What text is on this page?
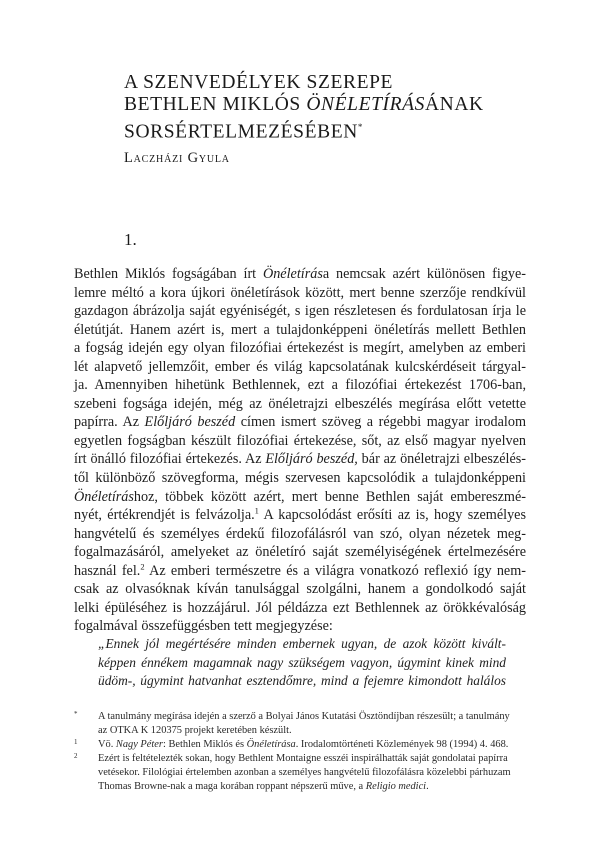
A SZENVEDÉLYEK SZEREPE
BETHLEN MIKLÓS ÖNÉLETÍRÁSÁNAK
SORSÉRTELMEZÉSÉBEN*
Laczházi Gyula
1.
Bethlen Miklós fogságában írt Önéletírása nemcsak azért különösen figye-
lemre méltó a kora újkori önéletírások között, mert benne szerzője rendkívül
gazdagon ábrázolja saját egyéniségét, s igen részletesen és fordulatosan írja le
életútját. Hanem azért is, mert a tulajdonképpeni önéletírás mellett Bethlen
a fogság idején egy olyan filozófiai értekezést is megírt, amelyben az emberi
lét alapvető jellemzőit, ember és világ kapcsolatának kulcskérdéseit tárgyal-
ja. Amennyiben hihetünk Bethlennek, ezt a filozófiai értekezést 1706-ban,
szebeni fogsága idején, még az önéletrajzi elbeszélés megírása előtt vetette
papírra. Az Előljáró beszéd címen ismert szöveg a régebbi magyar irodalom
egyetlen fogságban készült filozófiai értekezése, sőt, az első magyar nyelven
írt önálló filozófiai értekezés. Az Előljáró beszéd, bár az önéletrajzi elbeszélés-
től különböző szövegforma, mégis szervesen kapcsolódik a tulajdonképpeni
Önéletíráshoz, többek között azért, mert benne Bethlen saját embereszmé-
nyét, értékrendjét is felvázolja.$^1$ A kapcsolódást erősíti az is, hogy személyes
hangvételű és személyes érdekű filozofálásról van szó, olyan nézetek meg-
fogalmazásáról, amelyeket az önéletíró saját személyiségének értelmezésére
használ fel.$^2$ Az emberi természetre és a világra vonatkozó reflexió így nem-
csak az olvasóknak kíván tanulsággal szolgálni, hanem a gondolkodó saját
lelki épüléséhez is hozzájárul. Jól példázza ezt Bethlennek az örökkévalóság
fogalmával összefüggésben tett megjegyzése:
„Ennek jól megértésére minden embernek ugyan, de azok között kivált-
képpen énnékem magamnak nagy szükségem vagyon, úgymint kinek mind
üdöm-, úgymint hatvanhat esztendőmre, mind a fejemre kimondott halálos
* A tanulmány megírása idején a szerző a Bolyai János Kutatási Ösztöndíjban részesült; a tanulmány
az OTKA K 120375 projekt keretében készült.
1 Vö. Nagy Péter: Bethlen Miklós és Önéletírása. Irodalomtörténeti Közlemények 98 (1994) 4. 468.
2 Ezért is feltételezték sokan, hogy Bethlent Montaigne esszéi inspirálhatták saját gondolatai papírra
vetésekor. Filológiai értelemben azonban a személyes hangvételű filozofálásra közelebbi párhuzam
Thomas Browne-nak a maga korában roppant népszerű műve, a Religio medici.
